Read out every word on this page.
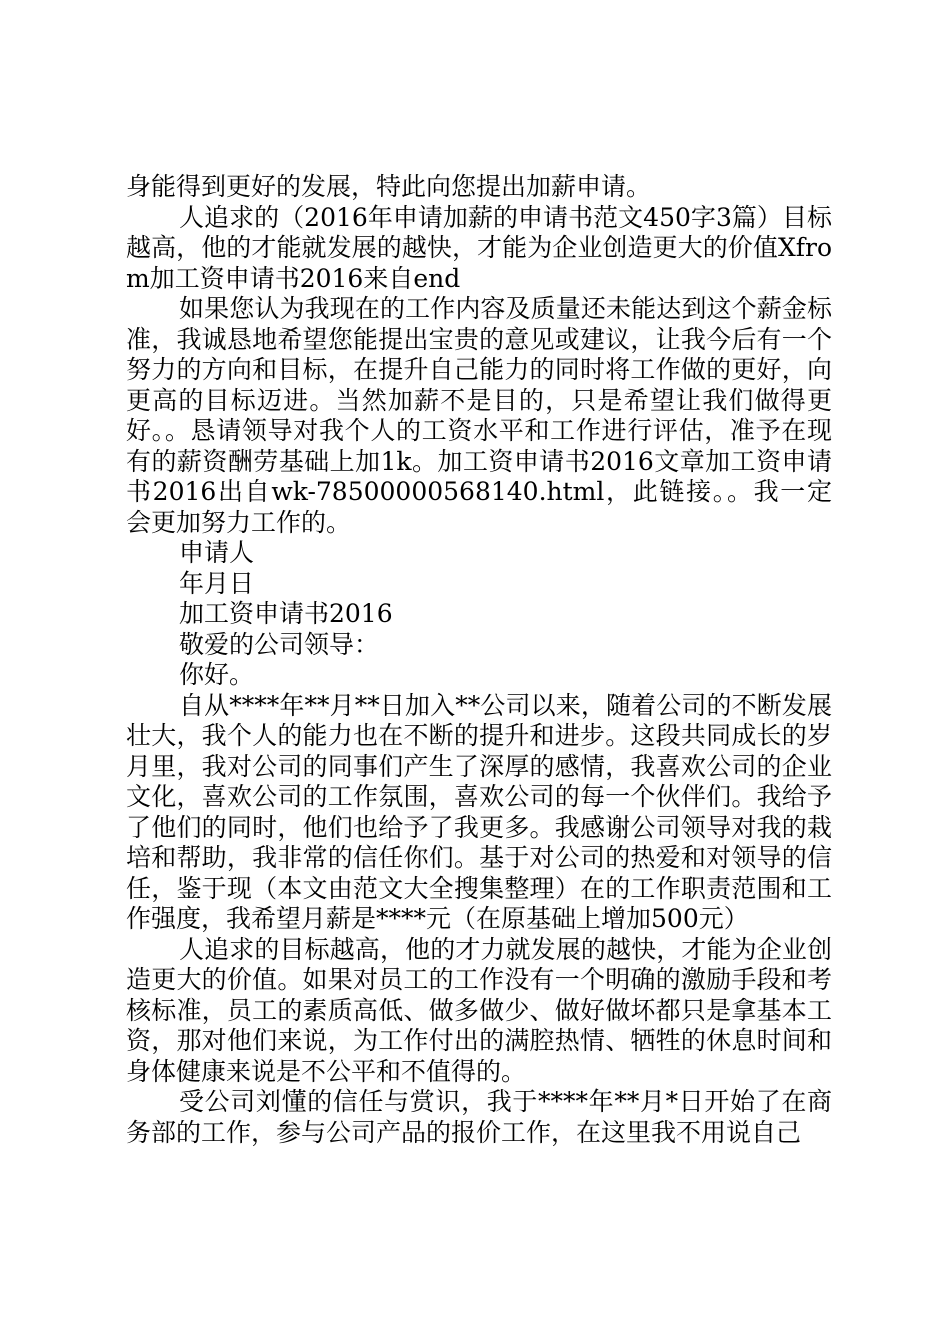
身能得到更好的发展，特此向您提出加薪申请。

人追求的（2016年申请加薪的申请书范文450字3篇）目标越高，他的才能就发展的越快，才能为企业创造更大的价值Xfrom加工资申请书2016来自end

如果您认为我现在的工作内容及质量还未能达到这个薪金标准，我诚恳地希望您能提出宝贵的意见或建议，让我今后有一个努力的方向和目标，在提升自己能力的同时将工作做的更好，向更高的目标迈进。当然加薪不是目的，只是希望让我们做得更好。。恳请领导对我个人的工资水平和工作进行评估，准予在现有的薪资酬劳基础上加1k。加工资申请书2016文章加工资申请书2016出自wk-78500000568140.html，此链接。。我一定会更加努力工作的。

申请人

年月日

加工资申请书2016

敬爱的公司领导：

你好。

自从****年**月**日加入**公司以来，随着公司的不断发展壮大，我个人的能力也在不断的提升和进步。这段共同成长的岁月里，我对公司的同事们产生了深厚的感情，我喜欢公司的企业文化，喜欢公司的工作氛围，喜欢公司的每一个伙伴们。我给予了他们的同时，他们也给予了我更多。我感谢公司领导对我的栽培和帮助，我非常的信任你们。基于对公司的热爱和对领导的信任，鉴于现（本文由范文大全搜集整理）在的工作职责范围和工作强度，我希望月薪是****元（在原基础上增加500元）

人追求的目标越高，他的才力就发展的越快，才能为企业创造更大的价值。如果对员工的工作没有一个明确的激励手段和考核标准，员工的素质高低、做多做少、做好做坏都只是拿基本工资，那对他们来说，为工作付出的满腔热情、牺牲的休息时间和身体健康来说是不公平和不值得的。

受公司刘懂的信任与赏识，我于****年**月*日开始了在商务部的工作，参与公司产品的报价工作，在这里我不用说自己
